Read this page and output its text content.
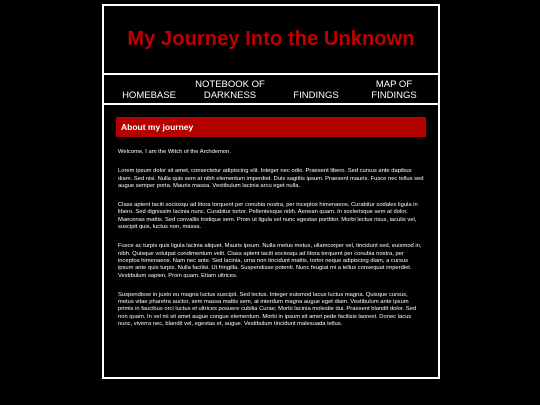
My Journey Into the Unknown
HOMEBASE
NOTEBOOK OF DARKNESS	FINDINGS
MAP OF FINDINGS
About my journey

Welcome, I am the Witch of the Archdemon.

Lorem ipsum dolor sit amet, consectetur adipiscing elit. Integer nec odio. Praesent libero. Sed cursus ante dapibus diam. Sed nisi. Nulla quis sem at nibh elementum imperdiet. Duis sagittis ipsum. Praesent mauris. Fusce nec tellus sed augue semper porta. Mauris massa. Vestibulum lacinia arcu eget nulla.

Class aptent taciti sociosqu ad litora torquent per conubia nostra, per inceptos himenaeos. Curabitur sodales ligula in libero. Sed dignissim lacinia nunc. Curabitur tortor. Pellentesque nibh. Aenean quam. In scelerisque sem at dolor. Maecenas mattis. Sed convallis tristique sem. Proin ut ligula vel nunc egestas porttitor. Morbi lectus risus, iaculis vel, suscipit quis, luctus non, massa.

Fusce ac turpis quis ligula lacinia aliquet. Mauris ipsum. Nulla metus metus, ullamcorper vel, tincidunt sed, euismod in, nibh. Quisque volutpat condimentum velit. Class aptent taciti sociosqu ad litora torquent per conubia nostra, per inceptos himenaeos. Nam nec ante. Sed lacinia, urna non tincidunt mattis, tortor neque adipiscing diam, a cursus ipsum ante quis turpis. Nulla facilisi. Ut fringilla. Suspendisse potenti. Nunc feugiat mi a tellus consequat imperdiet. Vestibulum sapien. Proin quam. Etiam ultrices.

Suspendisse in justo eu magna luctus suscipit. Sed lectus. Integer euismod lacus luctus magna. Quisque cursus, metus vitae pharetra auctor, sem massa mattis sem, at interdum magna augue eget diam. Vestibulum ante ipsum primis in faucibus orci luctus et ultrices posuere cubilia Curae; Morbi lacinia molestie dui. Praesent blandit dolor. Sed non quam. In vel mi sit amet augue congue elementum. Morbi in ipsum sit amet pede facilisis laoreet. Donec lacus nunc, viverra nec, blandit vel, egestas et, augue. Vestibulum tincidunt malesuada tellus.
